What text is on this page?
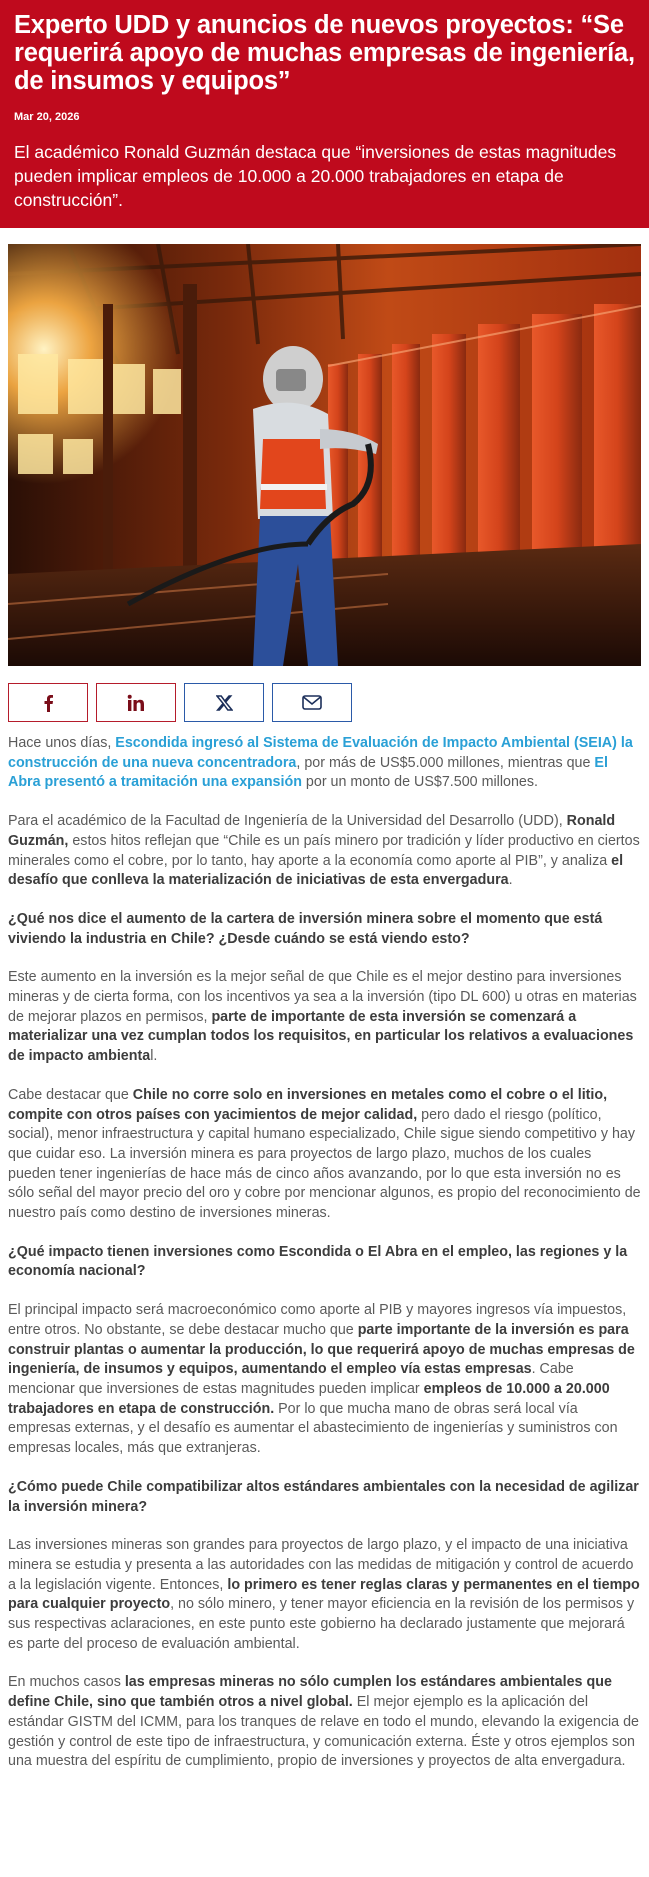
Experto UDD y anuncios de nuevos proyectos: “Se requerirá apoyo de muchas empresas de ingeniería, de insumos y equipos”
Mar 20, 2026

El académico Ronald Guzmán destaca que “inversiones de estas magnitudes pueden implicar empleos de 10.000 a 20.000 trabajadores en etapa de construcción”.

Hace unos días, Escondida ingresó al Sistema de Evaluación de Impacto Ambiental (SEIA) la construcción de una nueva concentradora, por más de US$5.000 millones, mientras que El Abra presentó a tramitación una expansión por un monto de US$7.500 millones.

Para el académico de la Facultad de Ingeniería de la Universidad del Desarrollo (UDD), Ronald Guzmán, estos hitos reflejan que “Chile es un país minero por tradición y líder productivo en ciertos minerales como el cobre, por lo tanto, hay aporte a la economía como aporte al PIB”, y analiza el desafío que conlleva la materialización de iniciativas de esta envergadura.

¿Qué nos dice el aumento de la cartera de inversión minera sobre el momento que está viviendo la industria en Chile? ¿Desde cuándo se está viendo esto?

Este aumento en la inversión es la mejor señal de que Chile es el mejor destino para inversiones mineras y de cierta forma, con los incentivos ya sea a la inversión (tipo DL 600) u otras en materias de mejorar plazos en permisos, parte de importante de esta inversión se comenzará a materializar una vez cumplan todos los requisitos, en particular los relativos a evaluaciones de impacto ambiental.

Cabe destacar que Chile no corre solo en inversiones en metales como el cobre o el litio, compite con otros países con yacimientos de mejor calidad, pero dado el riesgo (político, social), menor infraestructura y capital humano especializado, Chile sigue siendo competitivo y hay que cuidar eso. La inversión minera es para proyectos de largo plazo, muchos de los cuales pueden tener ingenierías de hace más de cinco años avanzando, por lo que esta inversión no es sólo señal del mayor precio del oro y cobre por mencionar algunos, es propio del reconocimiento de nuestro país como destino de inversiones mineras.

¿Qué impacto tienen inversiones como Escondida o El Abra en el empleo, las regiones y la economía nacional?

El principal impacto será macroeconómico como aporte al PIB y mayores ingresos vía impuestos, entre otros. No obstante, se debe destacar mucho que parte importante de la inversión es para construir plantas o aumentar la producción, lo que requerirá apoyo de muchas empresas de ingeniería, de insumos y equipos, aumentando el empleo vía estas empresas. Cabe mencionar que inversiones de estas magnitudes pueden implicar empleos de 10.000 a 20.000 trabajadores en etapa de construcción. Por lo que mucha mano de obras será local vía empresas externas, y el desafío es aumentar el abastecimiento de ingenierías y suministros con empresas locales, más que extranjeras.

¿Cómo puede Chile compatibilizar altos estándares ambientales con la necesidad de agilizar la inversión minera?

Las inversiones mineras son grandes para proyectos de largo plazo, y el impacto de una iniciativa minera se estudia y presenta a las autoridades con las medidas de mitigación y control de acuerdo a la legislación vigente. Entonces, lo primero es tener reglas claras y permanentes en el tiempo para cualquier proyecto, no sólo minero, y tener mayor eficiencia en la revisión de los permisos y sus respectivas aclaraciones, en este punto este gobierno ha declarado justamente que mejorará es parte del proceso de evaluación ambiental.

En muchos casos las empresas mineras no sólo cumplen los estándares ambientales que define Chile, sino que también otros a nivel global. El mejor ejemplo es la aplicación del estándar GISTM del ICMM, para los tranques de relave en todo el mundo, elevando la exigencia de gestión y control de este tipo de infraestructura, y comunicación externa. Éste y otros ejemplos son una muestra del espíritu de cumplimiento, propio de inversiones y proyectos de alta envergadura.
